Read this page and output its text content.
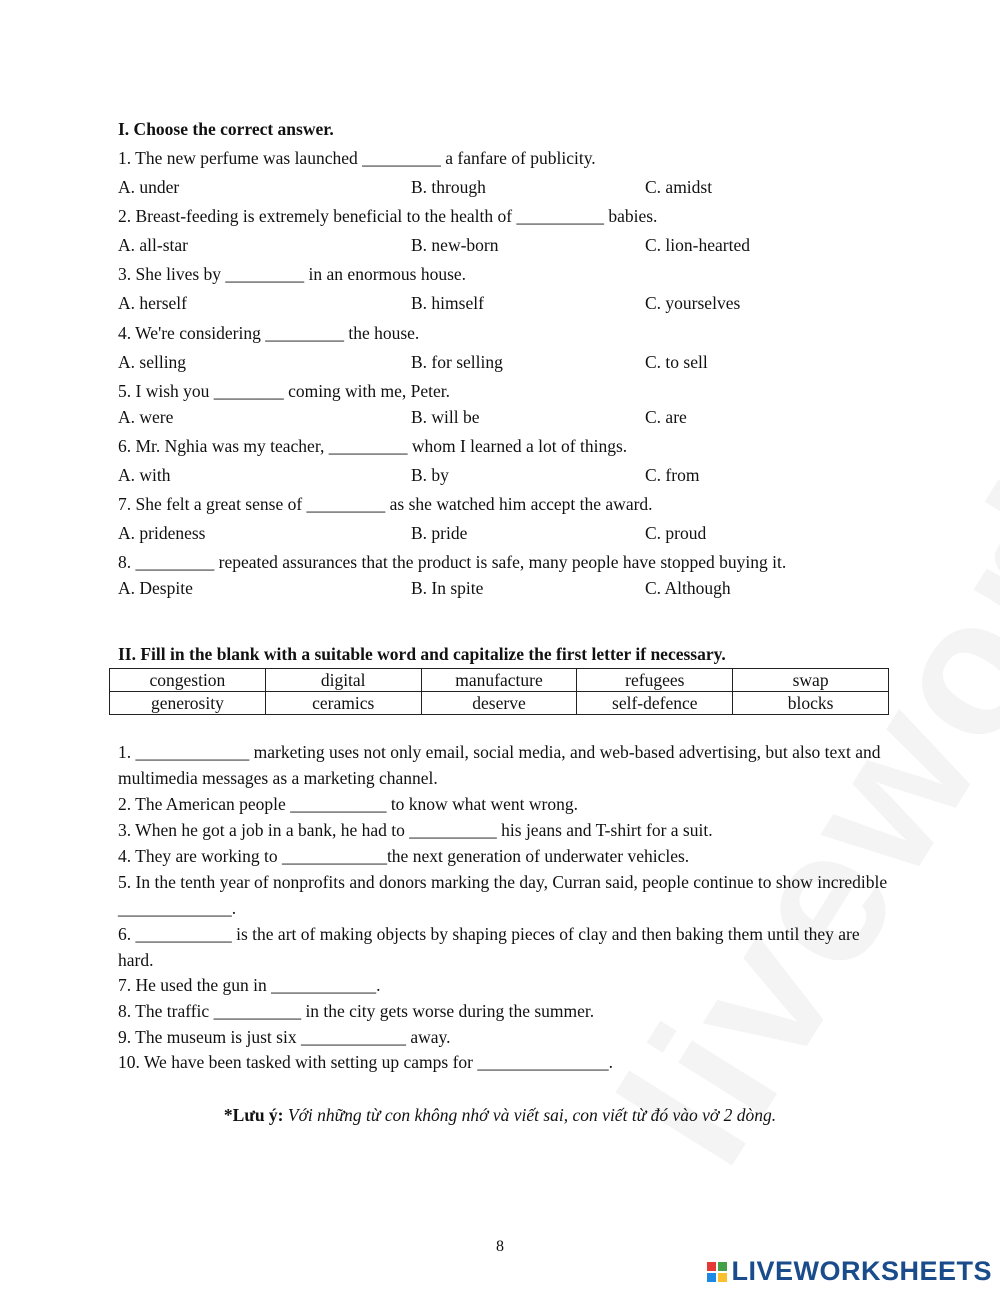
I. Choose the correct answer.
1. The new perfume was launched _________ a fanfare of publicity.
A. under	B. through	C. amidst
2. Breast-feeding is extremely beneficial to the health of __________ babies.
A. all-star	B. new-born	C. lion-hearted
3. She lives by _________ in an enormous house.
A. herself	B. himself	C. yourselves
4. We're considering _________ the house.
A. selling	B. for selling	C. to sell
5. I wish you ________ coming with me, Peter.
A. were	B. will be	C. are
6. Mr. Nghia was my teacher, _________ whom I learned a lot of things.
A. with	B. by	C. from
7. She felt a great sense of _________ as she watched him accept the award.
A. prideness	B. pride	C. proud
8. _________ repeated assurances that the product is safe, many people have stopped buying it.
A. Despite	B. In spite	C. Although
II. Fill in the blank with a suitable word and capitalize the first letter if necessary.
congestion	digital	manufacture	refugees	swap
generosity	ceramics	deserve	self-defence	blocks
1. _____________ marketing uses not only email, social media, and web-based advertising, but also text and multimedia messages as a marketing channel.
2. The American people ___________ to know what went wrong.
3. When he got a job in a bank, he had to __________ his jeans and T-shirt for a suit.
4. They are working to ____________the next generation of underwater vehicles.
5. In the tenth year of nonprofits and donors marking the day, Curran said, people continue to show incredible _____________.
6. ___________ is the art of making objects by shaping pieces of clay and then baking them until they are hard.
7. He used the gun in ____________.
8. The traffic __________ in the city gets worse during the summer.
9. The museum is just six ____________ away.
10. We have been tasked with setting up camps for _______________.
*Lưu ý: Với những từ con không nhớ và viết sai, con viết từ đó vào vở 2 dòng.
8
LIVEWORKSHEETS
